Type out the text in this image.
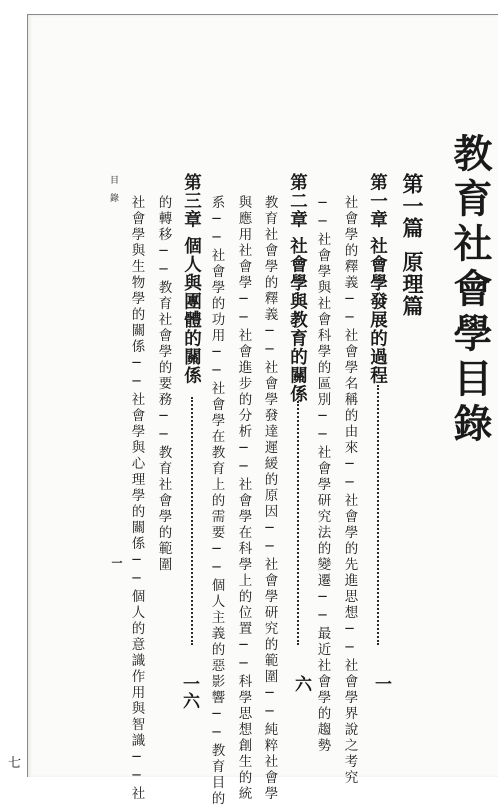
七
教育社會學目錄
第一篇原理篇
第一章社會學發展的過程
一
社會學的釋義──社會學名稱的由來──社會學的先進思想──社會學界說之考究
──社會學與社會科學的區別──社會學研究法的變遷──最近社會學的趨勢
第二章社會學與教育的關係
六
教育社會學的釋義──社會學發達遲緩的原因──社會學研究的範圍──純粹社會學
與應用社會學──社會進步的分析──社會學在科學上的位置──科學思想創生的統
系──社會學的功用──社會學在教育上的需要──個人主義的惡影響──教育目的
的轉移──教育社會學的要務──教育社會學的範圍 第三章個人與團體的關係
一六
社會學與生物學的關係──社會學與心理學的關係──個人的意識作用與智識──社
目錄
一
